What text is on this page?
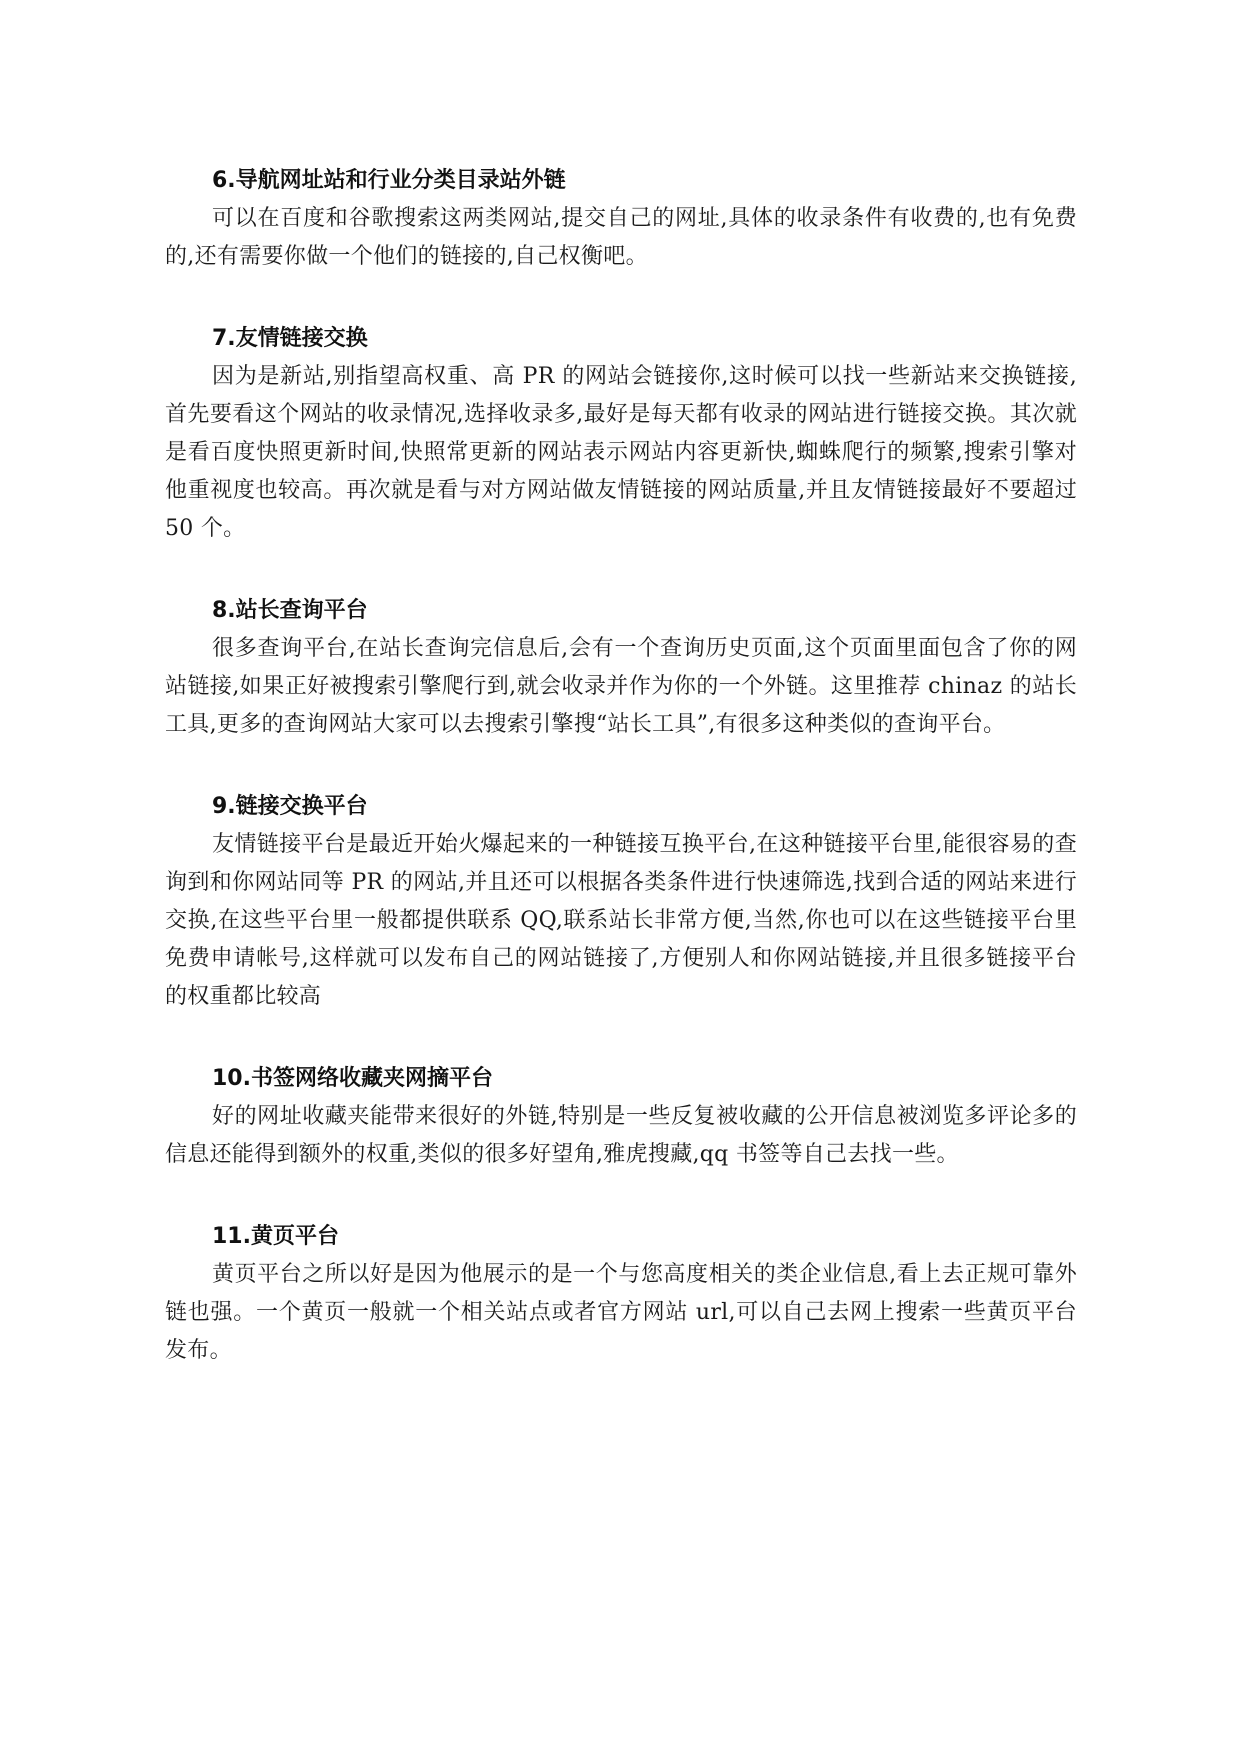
6.导航网址站和行业分类目录站外链

可以在百度和谷歌搜索这两类网站,提交自己的网址,具体的收录条件有收费的,也有免费的,还有需要你做一个他们的链接的,自己权衡吧。

7.友情链接交换

因为是新站,别指望高权重、高 PR 的网站会链接你,这时候可以找一些新站来交换链接,首先要看这个网站的收录情况,选择收录多,最好是每天都有收录的网站进行链接交换。其次就是看百度快照更新时间,快照常更新的网站表示网站内容更新快,蜘蛛爬行的频繁,搜索引擎对他重视度也较高。再次就是看与对方网站做友情链接的网站质量,并且友情链接最好不要超过 50 个。

8.站长查询平台

很多查询平台,在站长查询完信息后,会有一个查询历史页面,这个页面里面包含了你的网站链接,如果正好被搜索引擎爬行到,就会收录并作为你的一个外链。这里推荐 chinaz 的站长工具,更多的查询网站大家可以去搜索引擎搜“站长工具”,有很多这种类似的查询平台。

9.链接交换平台

友情链接平台是最近开始火爆起来的一种链接互换平台,在这种链接平台里,能很容易的查询到和你网站同等 PR 的网站,并且还可以根据各类条件进行快速筛选,找到合适的网站来进行交换,在这些平台里一般都提供联系 QQ,联系站长非常方便,当然,你也可以在这些链接平台里免费申请帐号,这样就可以发布自己的网站链接了,方便别人和你网站链接,并且很多链接平台的权重都比较高

10.书签网络收藏夹网摘平台

好的网址收藏夹能带来很好的外链,特别是一些反复被收藏的公开信息被浏览多评论多的信息还能得到额外的权重,类似的很多好望角,雅虎搜藏,qq 书签等自己去找一些。

11.黄页平台

黄页平台之所以好是因为他展示的是一个与您高度相关的类企业信息,看上去正规可靠外链也强。一个黄页一般就一个相关站点或者官方网站 url,可以自己去网上搜索一些黄页平台发布。
